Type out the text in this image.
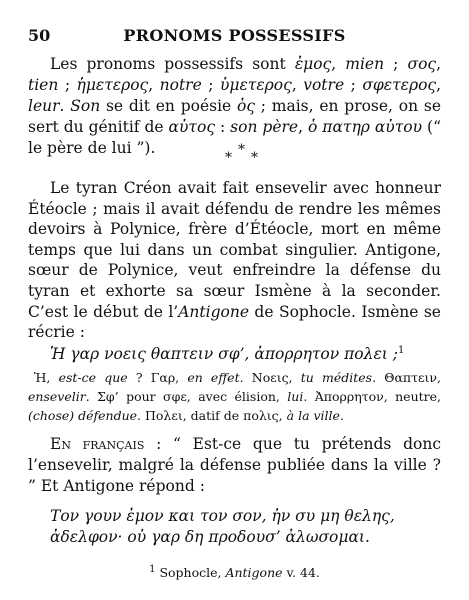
50	PRONOMS POSSESSIFS

Les pronoms possessifs sont ἐμος, mien ; σος, tien ; ἡμετερος, notre ; ὑμετερος, votre ; σφετερος, leur. Son se dit en poésie ὁς ; mais, en prose, on se sert du génitif de αὐτος : son père, ὁ πατηρ αὐτου (“ le père de lui ”).

* * *

Le tyran Créon avait fait ensevelir avec honneur Étéocle ; mais il avait défendu de rendre les mêmes devoirs à Polynice, frère d’Étéocle, mort en même temps que lui dans un combat singulier. Antigone, sœur de Polynice, veut enfreindre la défense du tyran et exhorte sa sœur Ismène à la seconder. C’est le début de l’Antigone de Sophocle. Ismène se récrie :

Ἡ γαρ νοεις θαπτειν σφ’, ἀπορρητον πολει ;$^1$

Ἡ, est-ce que ? Γαρ, en effet. Νοεις, tu médites. Θαπτειν, ensevelir. Σφ’ pour σφε, avec élision, lui. Ἀπορρητον, neutre, (chose) défendue. Πολει, datif de πολις, à la ville.

En français : “ Est-ce que tu prétends donc l’ensevelir, malgré la défense publiée dans la ville ? ” Et Antigone répond :

Τον γουν ἐμον και τον σον, ἠν συ μη θελης,
ἀδελφον· οὐ γαρ δη προδουσ’ ἁλωσομαι.

$^1$ Sophocle, Antigone v. 44.
